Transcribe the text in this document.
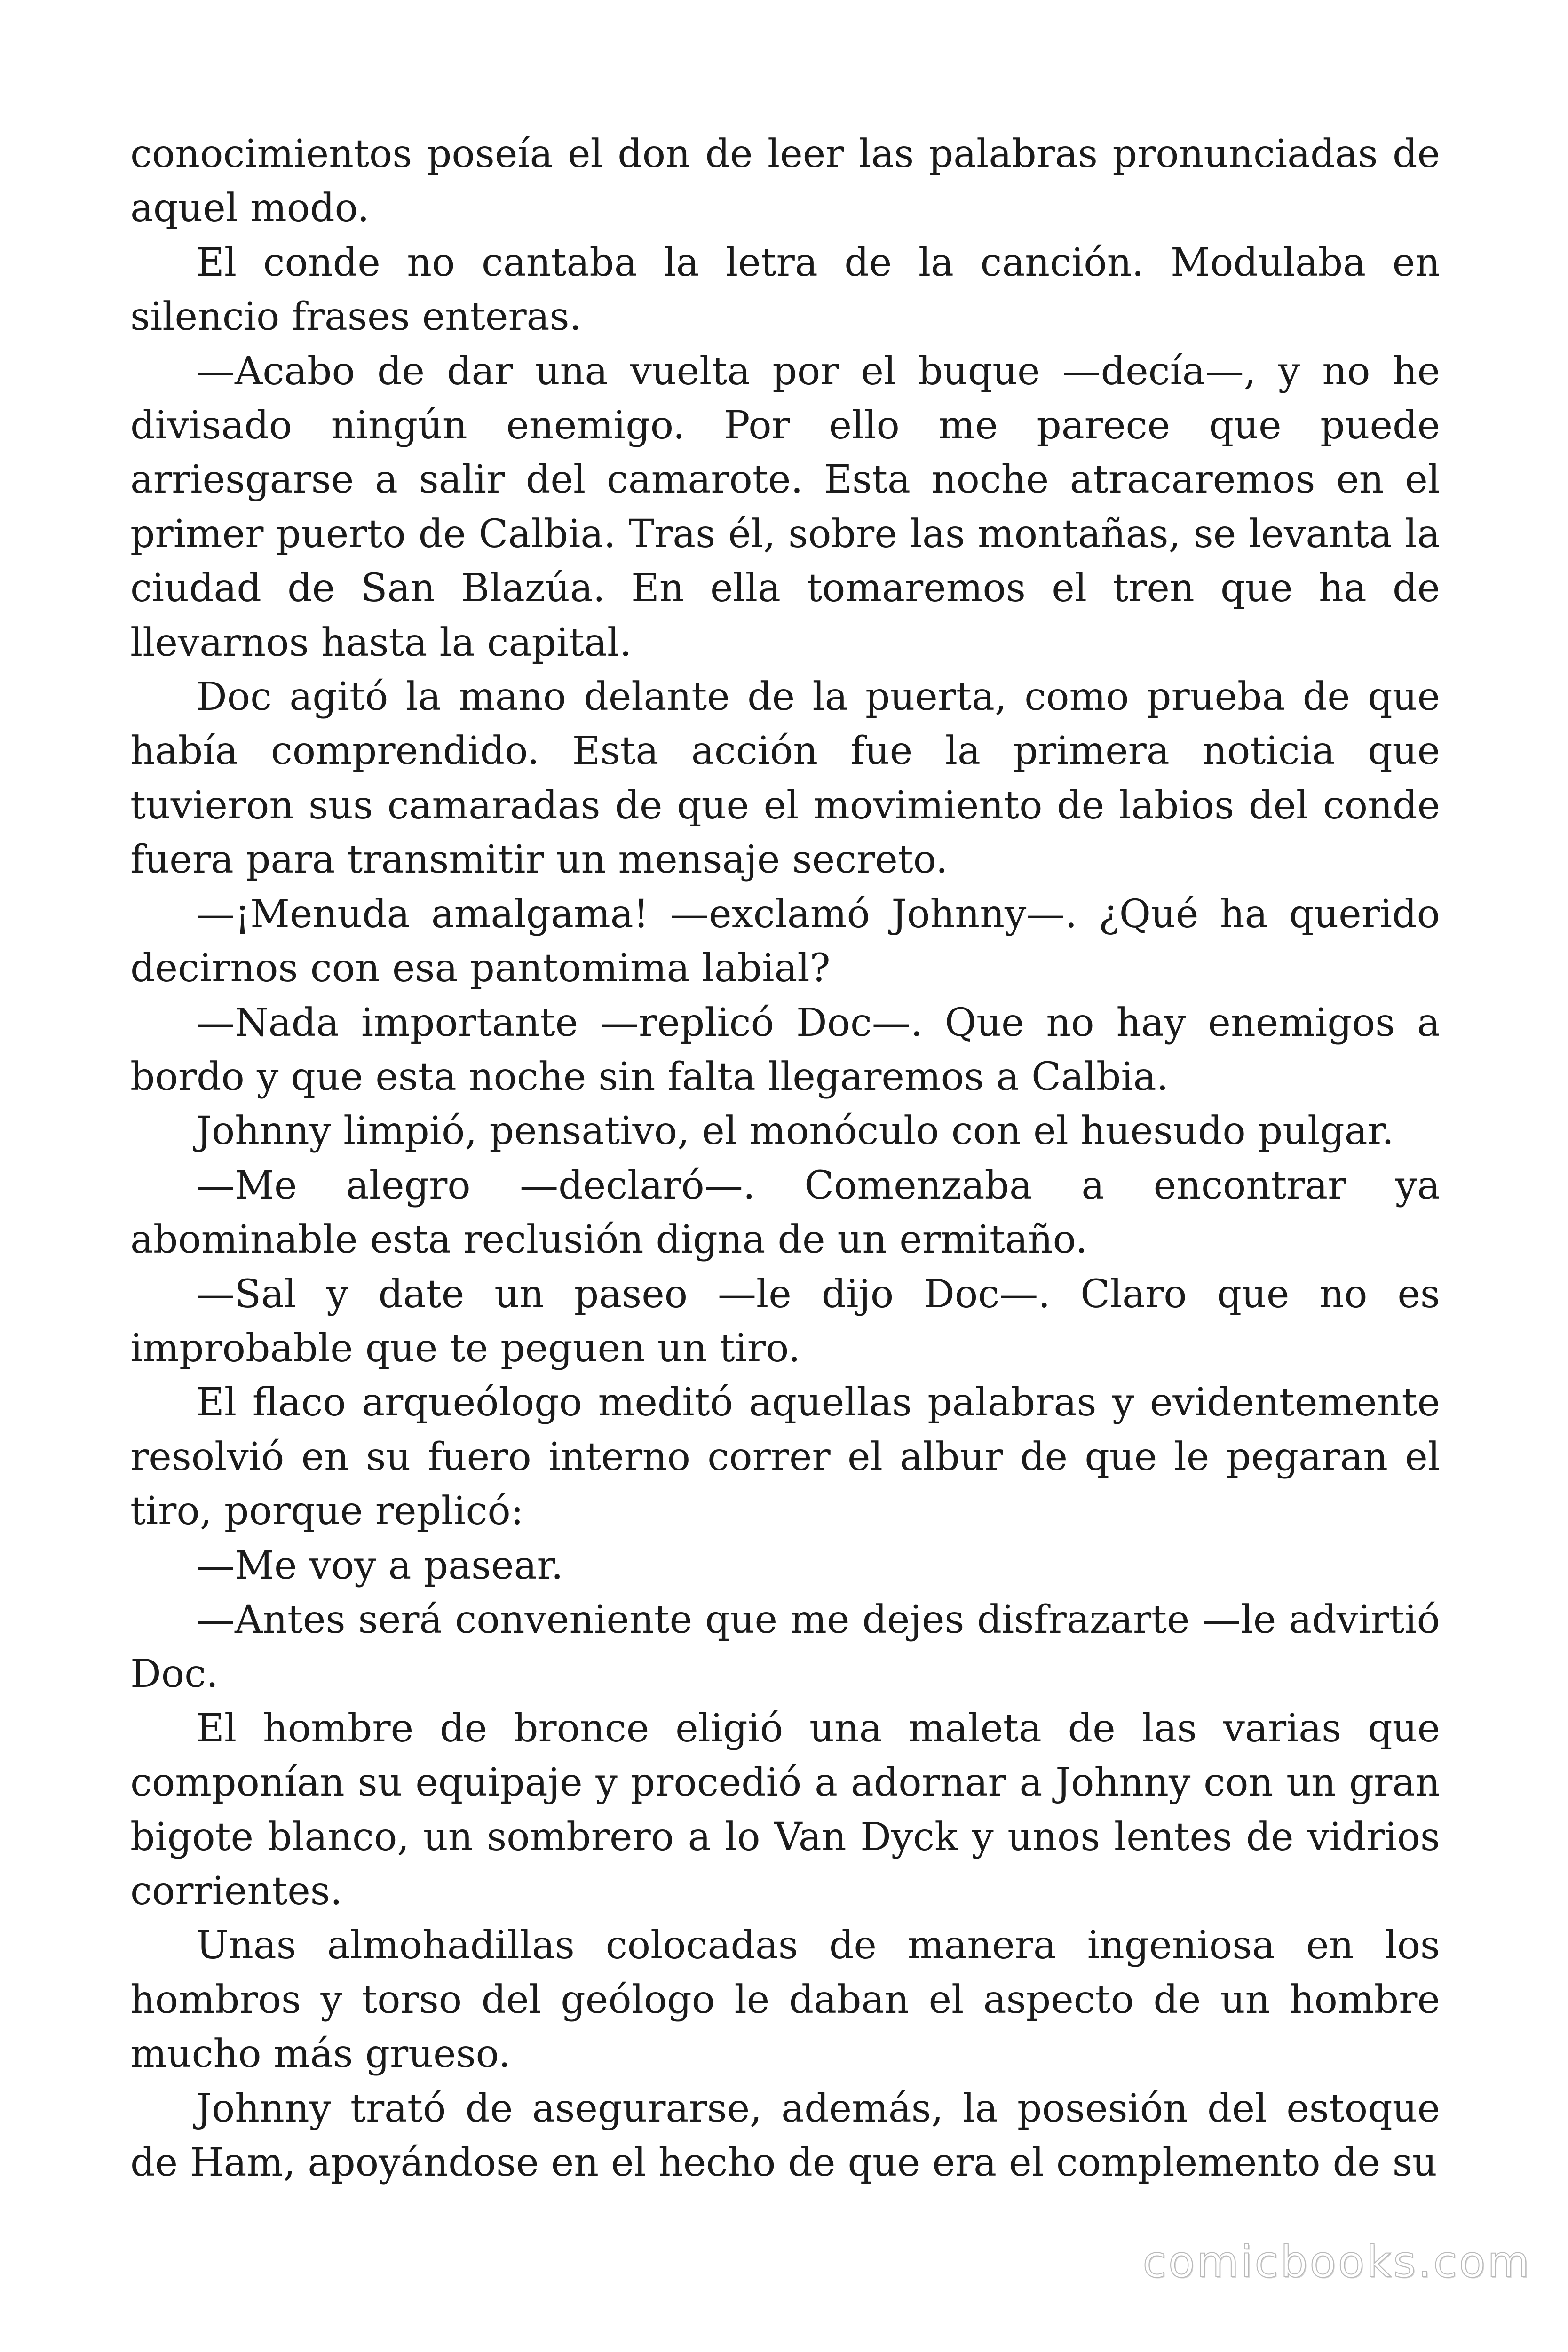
conocimientos poseía el don de leer las palabras pronunciadas de aquel modo.

El conde no cantaba la letra de la canción. Modulaba en silencio frases enteras.

—Acabo de dar una vuelta por el buque —decía—, y no he divisado ningún enemigo. Por ello me parece que puede arriesgarse a salir del camarote. Esta noche atracaremos en el primer puerto de Calbia. Tras él, sobre las montañas, se levanta la ciudad de San Blazúa. En ella tomaremos el tren que ha de llevarnos hasta la capital.

Doc agitó la mano delante de la puerta, como prueba de que había comprendido. Esta acción fue la primera noticia que tuvieron sus camaradas de que el movimiento de labios del conde fuera para transmitir un mensaje secreto.

—¡Menuda amalgama! —exclamó Johnny—. ¿Qué ha querido decirnos con esa pantomima labial?

—Nada importante —replicó Doc—. Que no hay enemigos a bordo y que esta noche sin falta llegaremos a Calbia.

Johnny limpió, pensativo, el monóculo con el huesudo pulgar.

—Me alegro —declaró—. Comenzaba a encontrar ya abominable esta reclusión digna de un ermitaño.

—Sal y date un paseo —le dijo Doc—. Claro que no es improbable que te peguen un tiro.

El flaco arqueólogo meditó aquellas palabras y evidentemente resolvió en su fuero interno correr el albur de que le pegaran el tiro, porque replicó:

—Me voy a pasear.

—Antes será conveniente que me dejes disfrazarte —le advirtió Doc.

El hombre de bronce eligió una maleta de las varias que componían su equipaje y procedió a adornar a Johnny con un gran bigote blanco, un sombrero a lo Van Dyck y unos lentes de vidrios corrientes.

Unas almohadillas colocadas de manera ingeniosa en los hombros y torso del geólogo le daban el aspecto de un hombre mucho más grueso.

Johnny trató de asegurarse, además, la posesión del estoque de Ham, apoyándose en el hecho de que era el complemento de su

comicbooks.com
